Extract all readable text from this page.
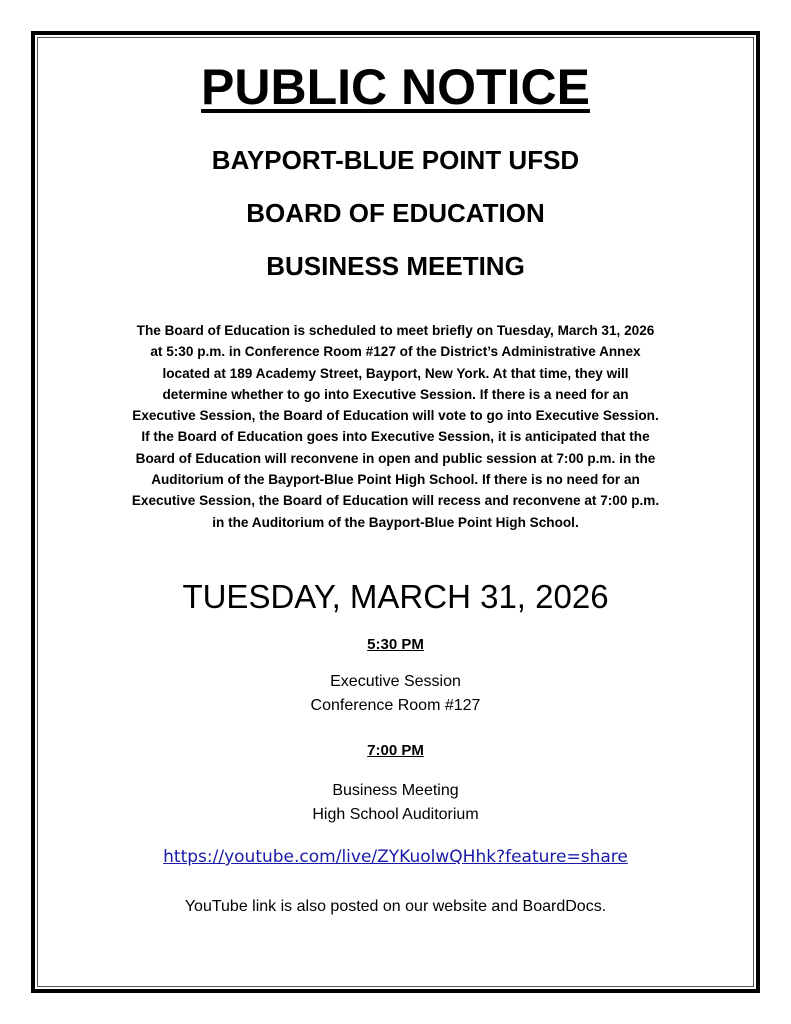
PUBLIC NOTICE
BAYPORT-BLUE POINT UFSD
BOARD OF EDUCATION
BUSINESS MEETING
The Board of Education is scheduled to meet briefly on Tuesday, March 31, 2026
at 5:30 p.m. in Conference Room #127 of the District’s Administrative Annex
located at 189 Academy Street, Bayport, New York. At that time, they will
determine whether to go into Executive Session. If there is a need for an
Executive Session, the Board of Education will vote to go into Executive Session.
If the Board of Education goes into Executive Session, it is anticipated that the
Board of Education will reconvene in open and public session at 7:00 p.m. in the
Auditorium of the Bayport-Blue Point High School. If there is no need for an
Executive Session, the Board of Education will recess and reconvene at 7:00 p.m.
in the Auditorium of the Bayport-Blue Point High School.
TUESDAY, MARCH 31, 2026
5:30 PM
Executive Session
Conference Room #127
7:00 PM
Business Meeting
High School Auditorium
https://youtube.com/live/ZYKuolwQHhk?feature=share
YouTube link is also posted on our website and BoardDocs.
